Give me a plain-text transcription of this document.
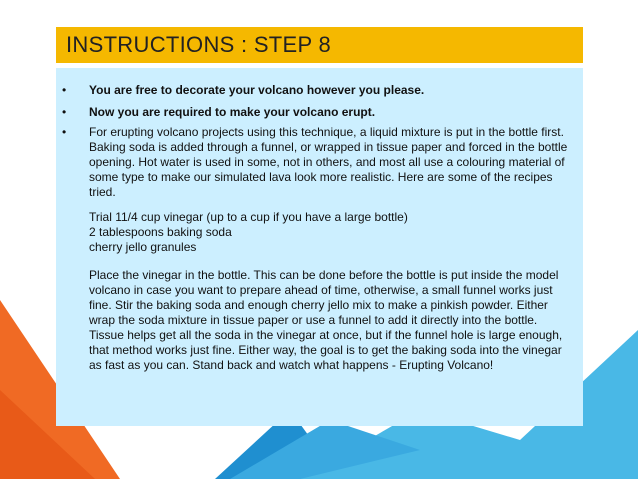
INSTRUCTIONS : STEP 8
• You are free to decorate your volcano however you please.
• Now you are required to make your volcano erupt.
• For erupting volcano projects using this technique, a liquid mixture is put in the bottle first. Baking soda is added through a funnel, or wrapped in tissue paper and forced in the bottle opening. Hot water is used in some, not in others, and most all use a colouring material of some type to make our simulated lava look more realistic. Here are some of the recipes tried.
Trial 11/4 cup vinegar (up to a cup if you have a large bottle)
2 tablespoons baking soda
cherry jello granules
Place the vinegar in the bottle. This can be done before the bottle is put inside the model volcano in case you want to prepare ahead of time, otherwise, a small funnel works just fine. Stir the baking soda and enough cherry jello mix to make a pinkish powder. Either wrap the soda mixture in tissue paper or use a funnel to add it directly into the bottle. Tissue helps get all the soda in the vinegar at once, but if the funnel hole is large enough, that method works just fine. Either way, the goal is to get the baking soda into the vinegar as fast as you can. Stand back and watch what happens - Erupting Volcano!
